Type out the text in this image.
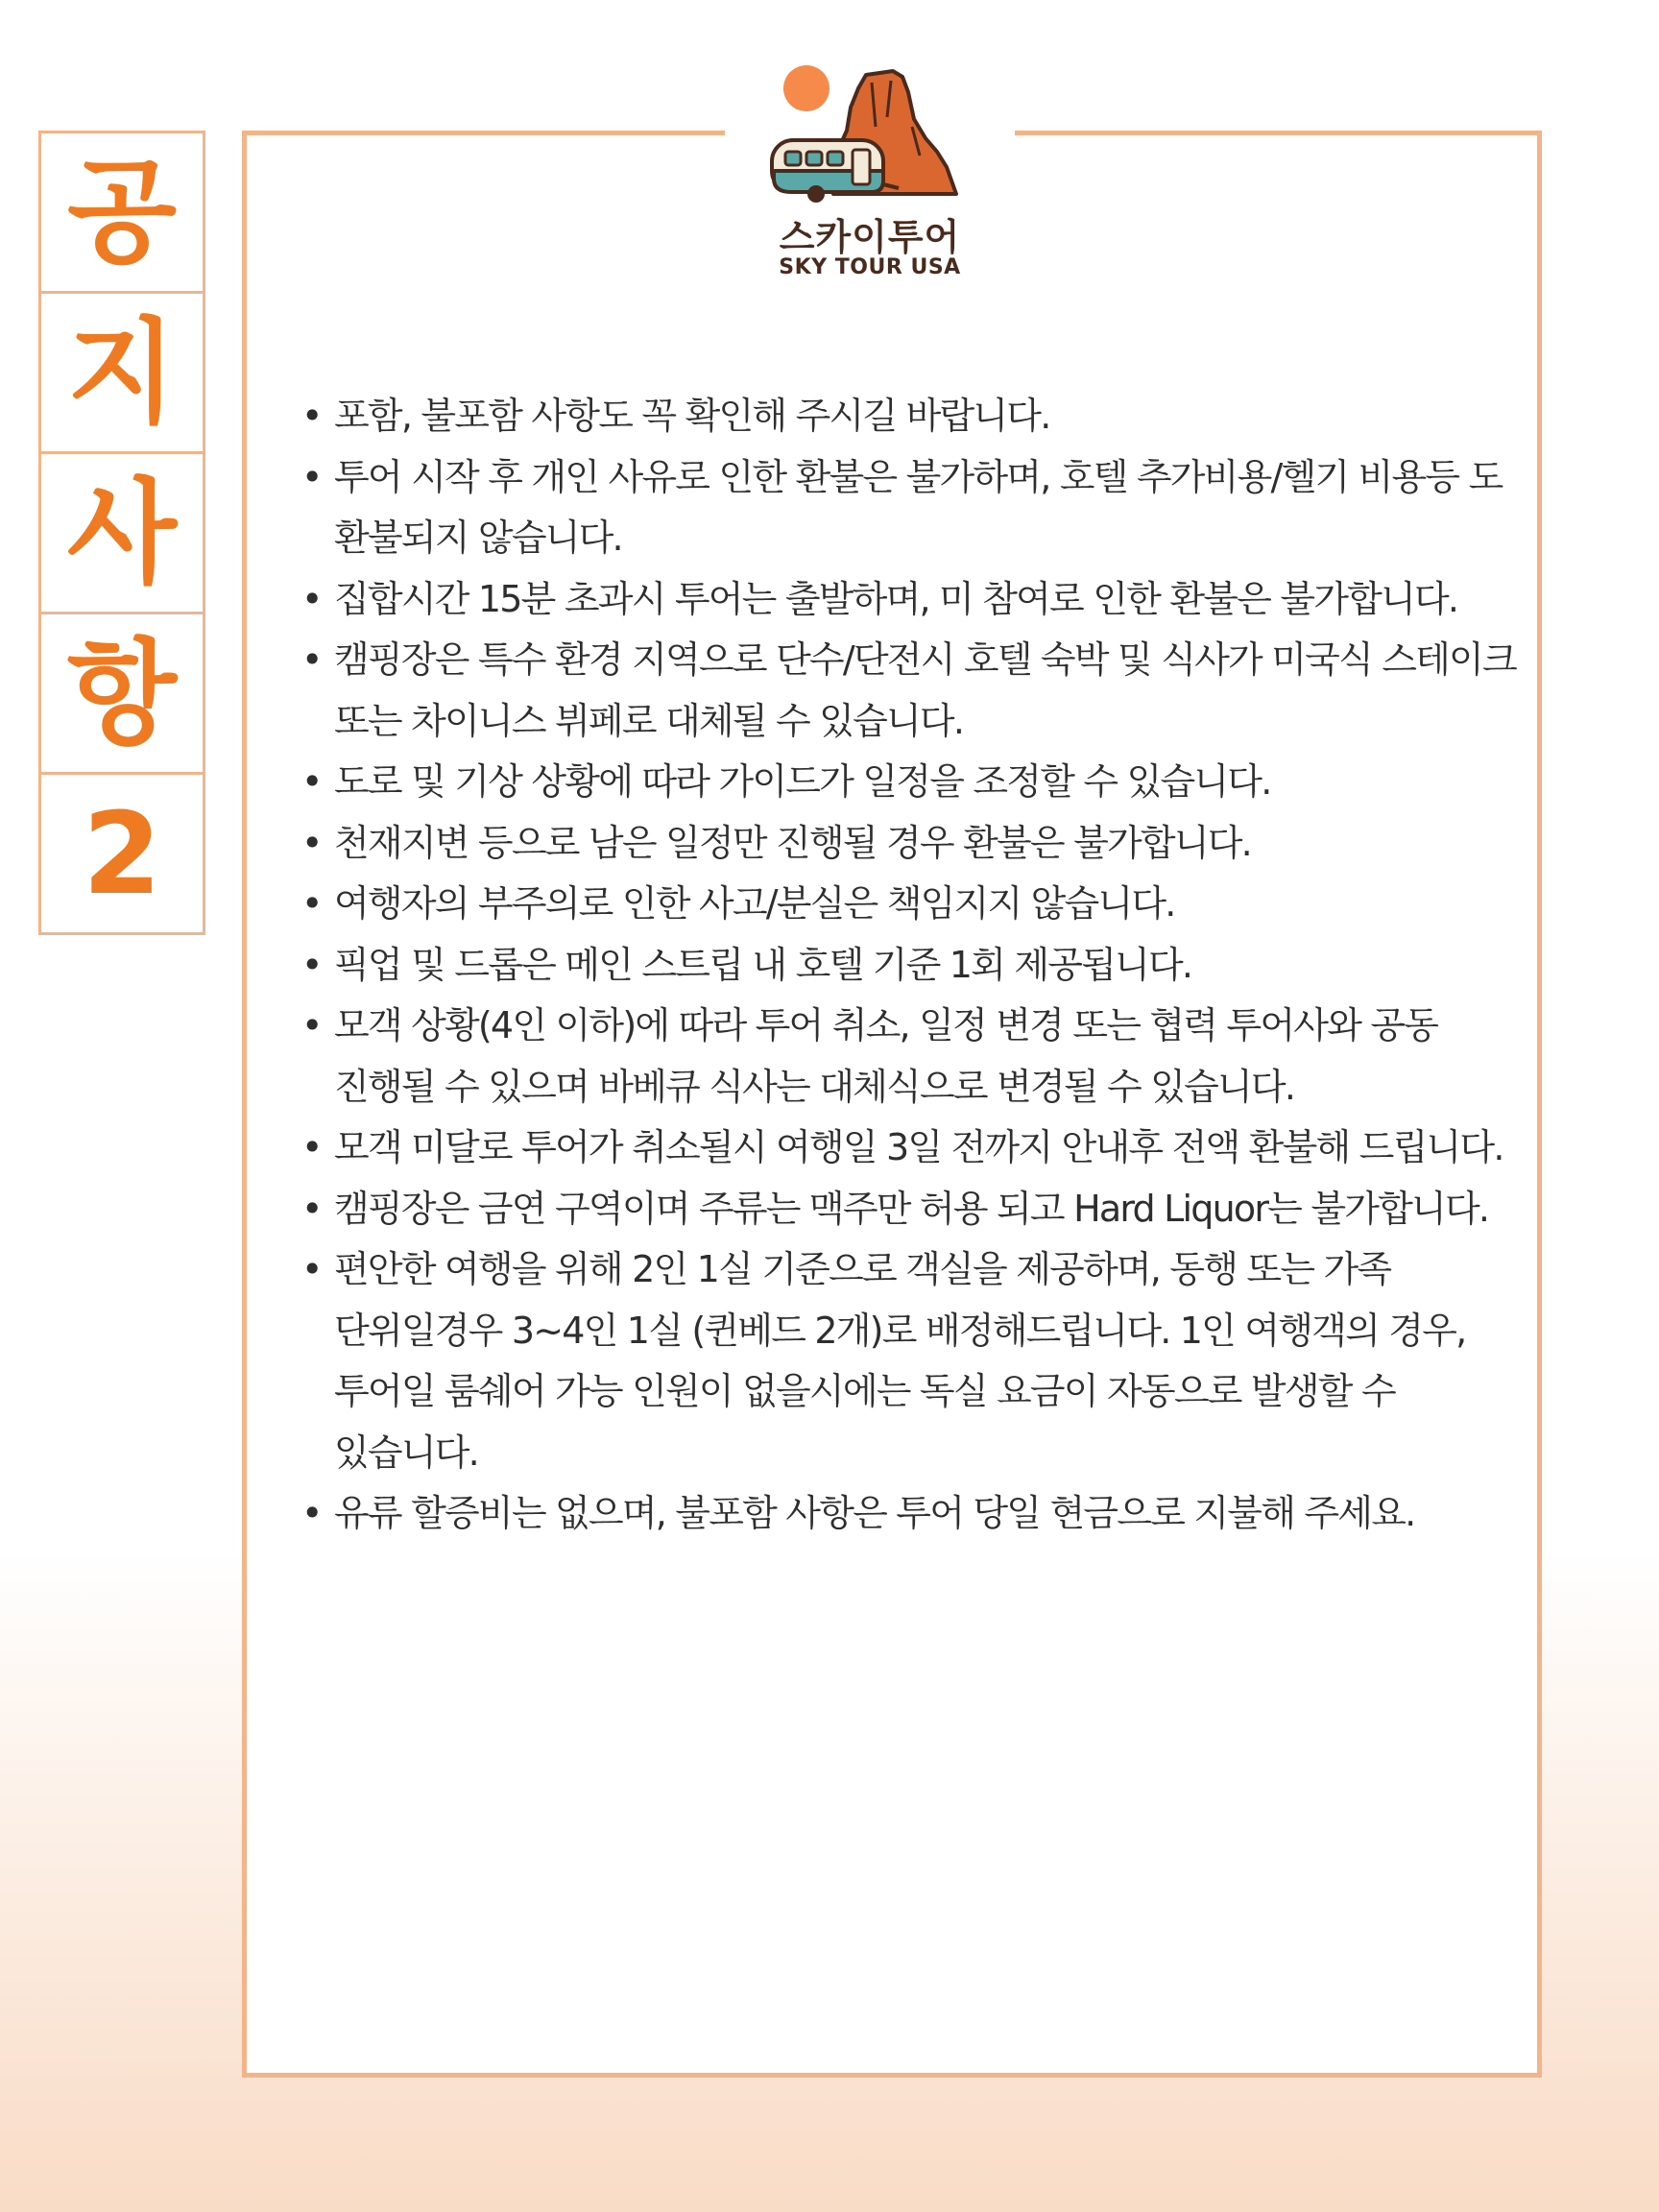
공
지
사
항
2
스카이투어
SKY TOUR USA
• 포함, 불포함 사항도 꼭 확인해 주시길 바랍니다.
• 투어 시작 후 개인 사유로 인한 환불은 불가하며, 호텔 추가비용/헬기 비용등 도 환불되지 않습니다.
• 집합시간 15분 초과시 투어는 출발하며, 미 참여로 인한 환불은 불가합니다.
• 캠핑장은 특수 환경 지역으로 단수/단전시 호텔 숙박 및 식사가 미국식 스테이크 또는 차이니스 뷔페로 대체될 수 있습니다.
• 도로 및 기상 상황에 따라 가이드가 일정을 조정할 수 있습니다.
• 천재지변 등으로 남은 일정만 진행될 경우 환불은 불가합니다.
• 여행자의 부주의로 인한 사고/분실은 책임지지 않습니다.
• 픽업 및 드롭은 메인 스트립 내 호텔 기준 1회 제공됩니다.
• 모객 상황(4인 이하)에 따라 투어 취소, 일정 변경 또는 협력 투어사와 공동 진행될 수 있으며 바베큐 식사는 대체식으로 변경될 수 있습니다.
• 모객 미달로 투어가 취소될시 여행일 3일 전까지 안내후 전액 환불해 드립니다.
• 캠핑장은 금연 구역이며 주류는 맥주만 허용 되고 Hard Liquor는 불가합니다.
• 편안한 여행을 위해 2인 1실 기준으로 객실을 제공하며, 동행 또는 가족 단위일경우 3~4인 1실 (퀸베드 2개)로 배정해드립니다. 1인 여행객의 경우, 투어일 룸쉐어 가능 인원이 없을시에는 독실 요금이 자동으로 발생할 수 있습니다.
• 유류 할증비는 없으며, 불포함 사항은 투어 당일 현금으로 지불해 주세요.
